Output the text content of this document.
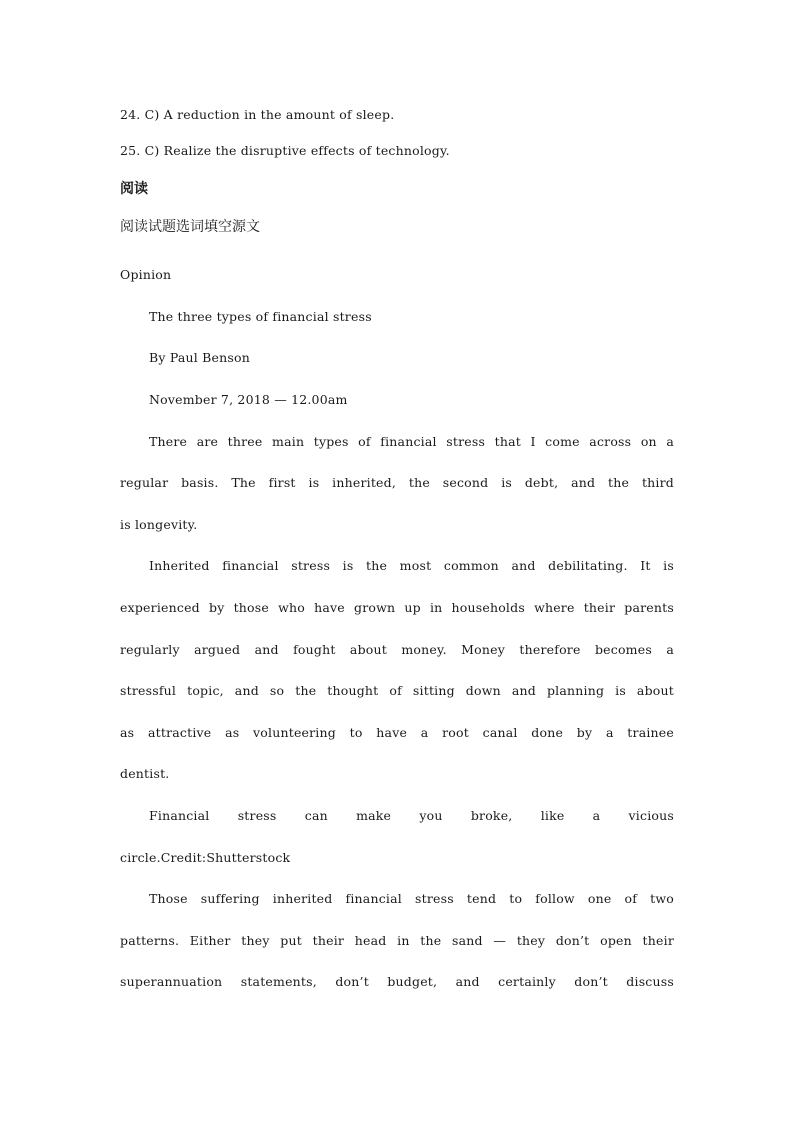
24. C) A reduction in the amount of sleep.
25. C) Realize the disruptive effects of technology.
阅读
阅读试题选词填空源文
Opinion
The three types of financial stress
By Paul Benson
November 7, 2018 — 12.00am
There are three main types of financial stress that I come across on a
regular basis. The first is inherited, the second is debt, and the third
is longevity.
Inherited financial stress is the most common and debilitating. It is
experienced by those who have grown up in households where their parents
regularly argued and fought about money. Money therefore becomes a
stressful topic, and so the thought of sitting down and planning is about
as attractive as volunteering to have a root canal done by a trainee
dentist.
Financial stress can make you broke, like a vicious
circle.Credit:Shutterstock
Those suffering inherited financial stress tend to follow one of two
patterns. Either they put their head in the sand — they don’t open their
superannuation statements, don’t budget, and certainly don’t discuss
